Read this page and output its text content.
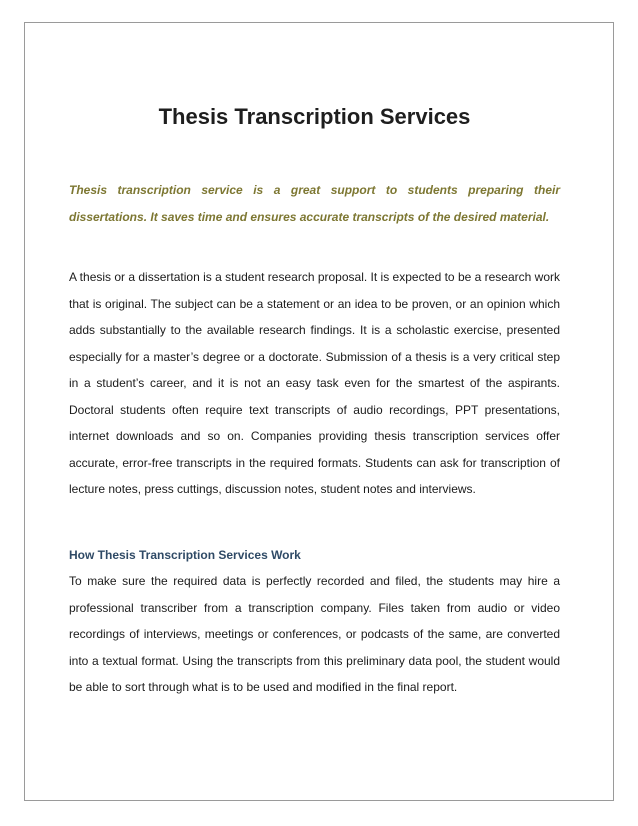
Thesis Transcription Services

Thesis transcription service is a great support to students preparing their dissertations. It saves time and ensures accurate transcripts of the desired material.

A thesis or a dissertation is a student research proposal. It is expected to be a research work that is original. The subject can be a statement or an idea to be proven, or an opinion which adds substantially to the available research findings. It is a scholastic exercise, presented especially for a master’s degree or a doctorate. Submission of a thesis is a very critical step in a student’s career, and it is not an easy task even for the smartest of the aspirants. Doctoral students often require text transcripts of audio recordings, PPT presentations, internet downloads and so on. Companies providing thesis transcription services offer accurate, error-free transcripts in the required formats. Students can ask for transcription of lecture notes, press cuttings, discussion notes, student notes and interviews.

How Thesis Transcription Services Work

To make sure the required data is perfectly recorded and filed, the students may hire a professional transcriber from a transcription company. Files taken from audio or video recordings of interviews, meetings or conferences, or podcasts of the same, are converted into a textual format. Using the transcripts from this preliminary data pool, the student would be able to sort through what is to be used and modified in the final report.
